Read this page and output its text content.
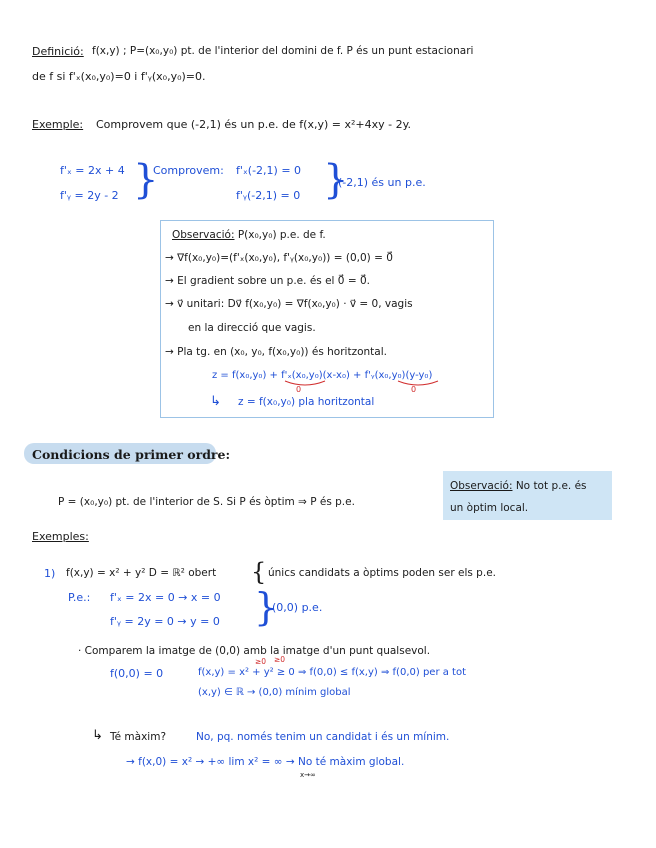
Definició: f(x,y) ; P=(x₀,y₀) pt. de l'interior del domini de f. P és un punt estacionari
de f si f'ₓ(x₀,y₀)=0 i f'ᵧ(x₀,y₀)=0.
Exemple: Comprovem que (-2,1) és un p.e. de f(x,y) = x²+4xy - 2y.
f'ₓ = 2x + 4
f'ᵧ = 2y - 2 }
Comprovem: f'ₓ(-2,1) = 0
f'ᵧ(-2,1) = 0 }
(-2,1) és un p.e.
Observació: P(x₀,y₀) p.e. de f.
→ ∇f(x₀,y₀)=(f'ₓ(x₀,y₀), f'ᵧ(x₀,y₀)) = (0,0) = 0⃗
→ El gradient sobre un p.e. és el 0⃗ = 0⃗.
→ v⃗ unitari: Dv⃗ f(x₀,y₀) = ∇f(x₀,y₀) · v⃗ = 0, vagis
en la direcció que vagis.
→ Pla tg. en (x₀, y₀, f(x₀,y₀)) és horitzontal.
z = f(x₀,y₀) + f'ₓ(x₀,y₀)(x-x₀) + f'ᵧ(x₀,y₀)(y-y₀)
0	0
↳ z = f(x₀,y₀) pla horitzontal
Condicions de primer ordre:
P = (x₀,y₀) pt. de l'interior de S. Si P és òptim ⇒ P és p.e.
Observació: No tot p.e. és
un òptim local.
Exemples:
1) f(x,y) = x² + y² D = ℝ² obert { únics candidats a òptims poden ser els p.e.
P.e.: f'ₓ = 2x = 0 → x = 0
f'ᵧ = 2y = 0 → y = 0 }
(0,0) p.e.
· Comparem la imatge de (0,0) amb la imatge d'un punt qualsevol.
≥0 ≥0
f(0,0) = 0	f(x,y) = x² + y² ≥ 0 ⇒ f(0,0) ≤ f(x,y) ⇒ f(0,0) per a tot
(x,y) ∈ ℝ → (0,0) mínim global
↳ Té màxim?	No, pq. només tenim un candidat i és un mínim.
→ f(x,0) = x² → +∞ lim x² = ∞ → No té màxim global.
x→∞
